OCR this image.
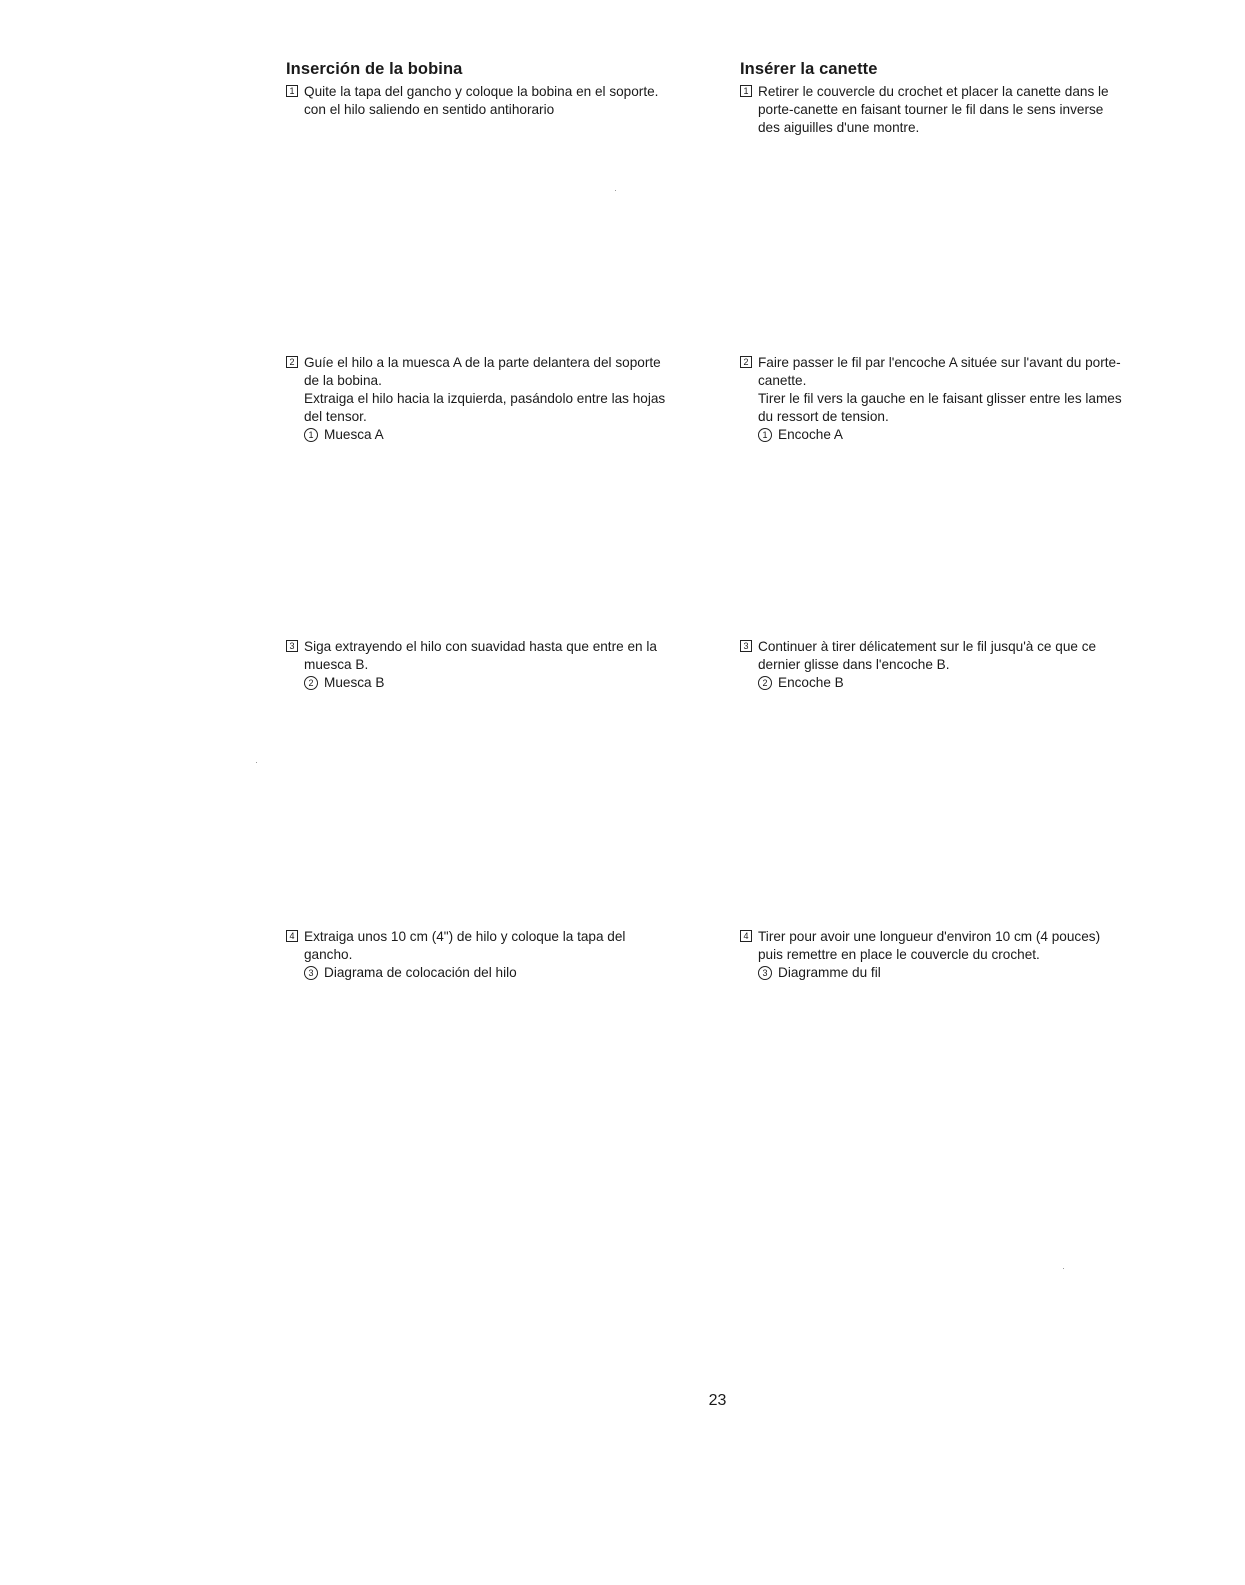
Inserción de la bobina
1 Quite la tapa del gancho y coloque la bobina en el soporte.
con el hilo saliendo en sentido antihorario
2 Guíe el hilo a la muesca A de la parte delantera del soporte
de la bobina.
Extraiga el hilo hacia la izquierda, pasándolo entre las hojas
del tensor.
1 Muesca A
3 Siga extrayendo el hilo con suavidad hasta que entre en la
muesca B.
2 Muesca B
4 Extraiga unos 10 cm (4") de hilo y coloque la tapa del
gancho.
3 Diagrama de colocación del hilo
Insérer la canette
1 Retirer le couvercle du crochet et placer la canette dans le
porte-canette en faisant tourner le fil dans le sens inverse
des aiguilles d'une montre.
2 Faire passer le fil par l'encoche A située sur l'avant du porte-
canette.
Tirer le fil vers la gauche en le faisant glisser entre les lames
du ressort de tension.
1 Encoche A
3 Continuer à tirer délicatement sur le fil jusqu'à ce que ce
dernier glisse dans l'encoche B.
2 Encoche B
4 Tirer pour avoir une longueur d'environ 10 cm (4 pouces)
puis remettre en place le couvercle du crochet.
3 Diagramme du fil
23
